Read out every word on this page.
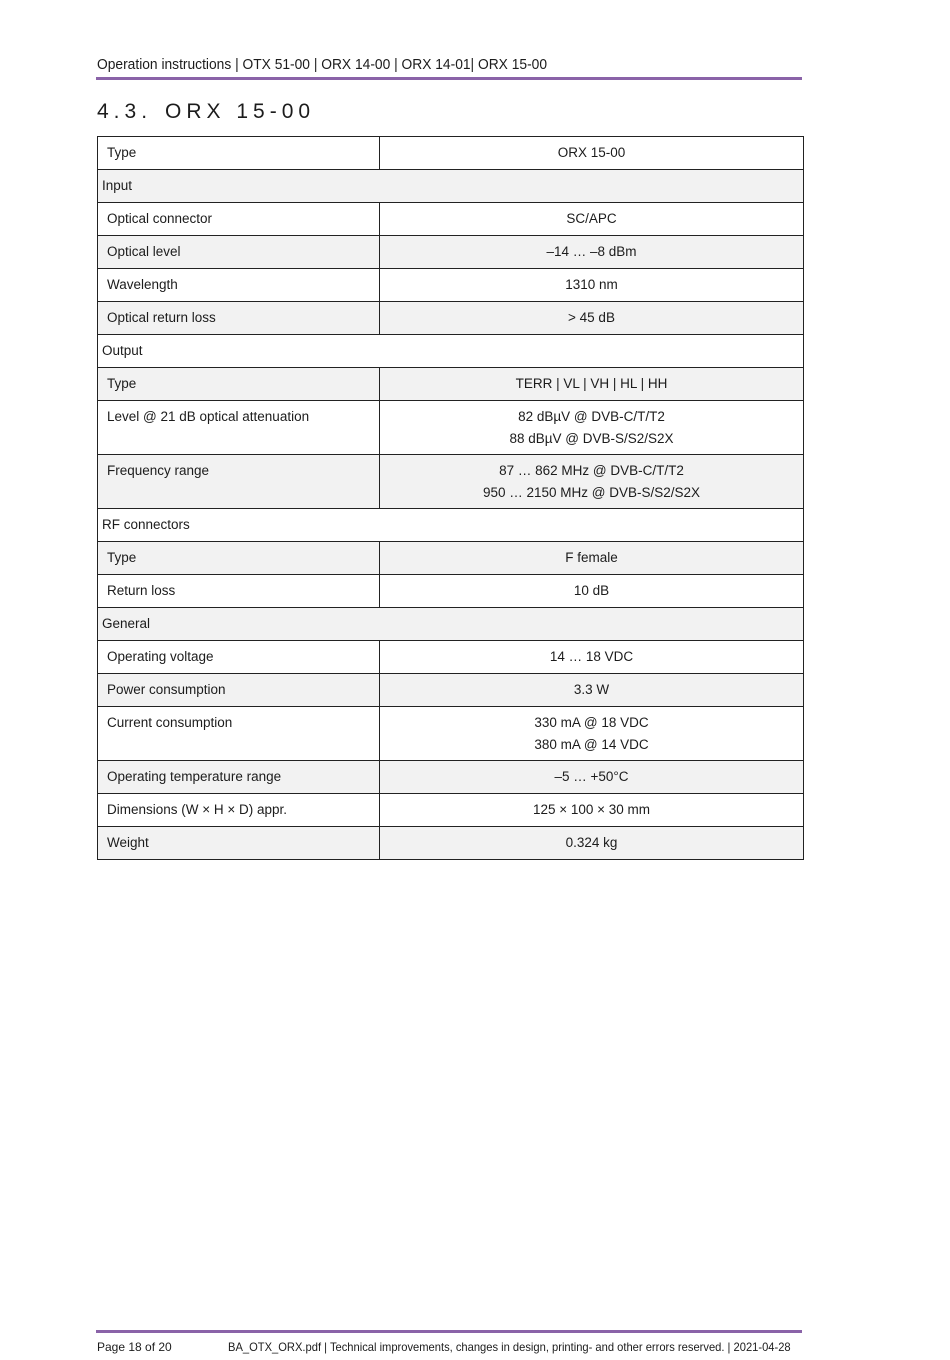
Operation instructions | OTX 51-00 | ORX 14-00 | ORX 14-01| ORX 15-00
4.3. ORX 15-00
Type	ORX 15-00

Input	

Optical connector	SC/APC

Optical level	–14 … –8 dBm

Wavelength	1310 nm

Optical return loss	> 45 dB

Output	

Type	TERR | VL | VH | HL | HH

Level @ 21 dB optical attenuation	82 dBµV @ DVB-C/T/T2
88 dBµV @ DVB-S/S2/S2X

Frequency range	87 … 862 MHz @ DVB-C/T/T2
950 … 2150 MHz @ DVB-S/S2/S2X

RF connectors	

Type	F female

Return loss	10 dB

General	

Operating voltage	14 … 18 VDC

Power consumption	3.3 W

Current consumption	330 mA @ 18 VDC
380 mA @ 14 VDC

Operating temperature range	–5 … +50°C

Dimensions (W × H × D) appr.	125 × 100 × 30 mm

Weight	0.324 kg
Page 18 of 20	BA_OTX_ORX.pdf | Technical improvements, changes in design, printing- and other errors reserved. | 2021-04-28
